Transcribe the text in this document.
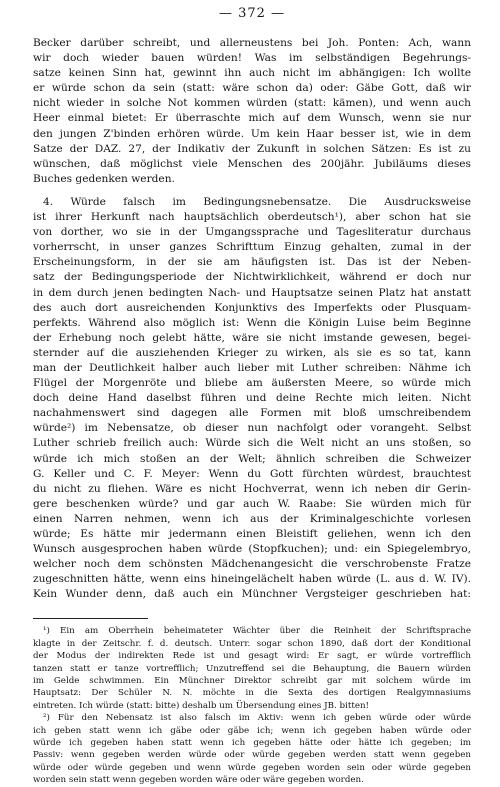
— 372 —
Becker darüber schreibt, und allerneustens bei Joh. Ponten: Ach, wann
wir doch wieder bauen würden! Was im selbständigen Begehrungs-
satze keinen Sinn hat, gewinnt ihn auch nicht im abhängigen: Ich wollte
er würde schon da sein (statt: wäre schon da) oder: Gäbe Gott, daß wir
nicht wieder in solche Not kommen würden (statt: kämen), und wenn auch
Heer einmal bietet: Er überraschte mich auf dem Wunsch, wenn sie nur
den jungen Z'binden erhören würde. Um kein Haar besser ist, wie in dem
Satze der DAZ. 27, der Indikativ der Zukunft in solchen Sätzen: Es ist zu
wünschen, daß möglichst viele Menschen des 200jähr. Jubiläums dieses
Buches gedenken werden.
4. Würde falsch im Bedingungsnebensatze. Die Ausdrucksweise
ist ihrer Herkunft nach hauptsächlich oberdeutsch¹), aber schon hat sie
von dorther, wo sie in der Umgangssprache und Tagesliteratur durchaus
vorherrscht, in unser ganzes Schrifttum Einzug gehalten, zumal in der
Erscheinungsform, in der sie am häufigsten ist. Das ist der Neben-
satz der Bedingungsperiode der Nichtwirklichkeit, während er doch nur
in dem durch jenen bedingten Nach- und Hauptsatze seinen Platz hat anstatt
des auch dort ausreichenden Konjunktivs des Imperfekts oder Plusquam-
perfekts. Während also möglich ist: Wenn die Königin Luise beim Beginne
der Erhebung noch gelebt hätte, wäre sie nicht imstande gewesen, begei-
sternder auf die ausziehenden Krieger zu wirken, als sie es so tat, kann
man der Deutlichkeit halber auch lieber mit Luther schreiben: Nähme ich
Flügel der Morgenröte und bliebe am äußersten Meere, so würde mich
doch deine Hand daselbst führen und deine Rechte mich leiten. Nicht
nachahmenswert sind dagegen alle Formen mit bloß umschreibendem
würde²) im Nebensatze, ob dieser nun nachfolgt oder vorangeht. Selbst
Luther schrieb freilich auch: Würde sich die Welt nicht an uns stoßen, so
würde ich mich stoßen an der Welt; ähnlich schreiben die Schweizer
G. Keller und C. F. Meyer: Wenn du Gott fürchten würdest, brauchtest
du nicht zu fliehen. Wäre es nicht Hochverrat, wenn ich neben dir Gerin-
gere beschenken würde? und gar auch W. Raabe: Sie würden mich für
einen Narren nehmen, wenn ich aus der Kriminalgeschichte vorlesen
würde; Es hätte mir jedermann einen Bleistift geliehen, wenn ich den
Wunsch ausgesprochen haben würde (Stopfkuchen); und: ein Spiegelembryo,
welcher noch dem schönsten Mädchenangesicht die verschrobenste Fratze
zugeschnitten hätte, wenn eins hineingelächelt haben würde (L. aus d. W. IV).
Kein Wunder denn, daß auch ein Münchner Vergsteiger geschrieben hat:
¹) Ein am Oberrhein beheimateter Wächter über die Reinheit der Schriftsprache
klagte in der Zeitschr. f. d. deutsch. Unterr. sogar schon 1890, daß dort der Konditional
der Modus der indirekten Rede ist und gesagt wird: Er sagt, er würde vortrefflich
tanzen statt er tanze vortrefflich; Unzutreffend sei die Behauptung, die Bauern würden
im Gelde schwimmen. Ein Münchner Direktor schreibt gar mit solchem würde im
Hauptsatz: Der Schüler N. N. möchte in die Sexta des dortigen Realgymnasiums
eintreten. Ich würde (statt: bitte) deshalb um Übersendung eines JB. bitten!
²) Für den Nebensatz ist also falsch im Aktiv: wenn ich geben würde oder würde
ich geben statt wenn ich gäbe oder gäbe ich; wenn ich gegeben haben würde oder
würde ich gegeben haben statt wenn ich gegeben hätte oder hätte ich gegeben; im
Passiv: wenn gegeben werden würde oder würde gegeben werden statt wenn gegeben
würde oder würde gegeben und wenn würde gegeben worden sein oder würde gegeben
worden sein statt wenn gegeben worden wäre oder wäre gegeben worden.
